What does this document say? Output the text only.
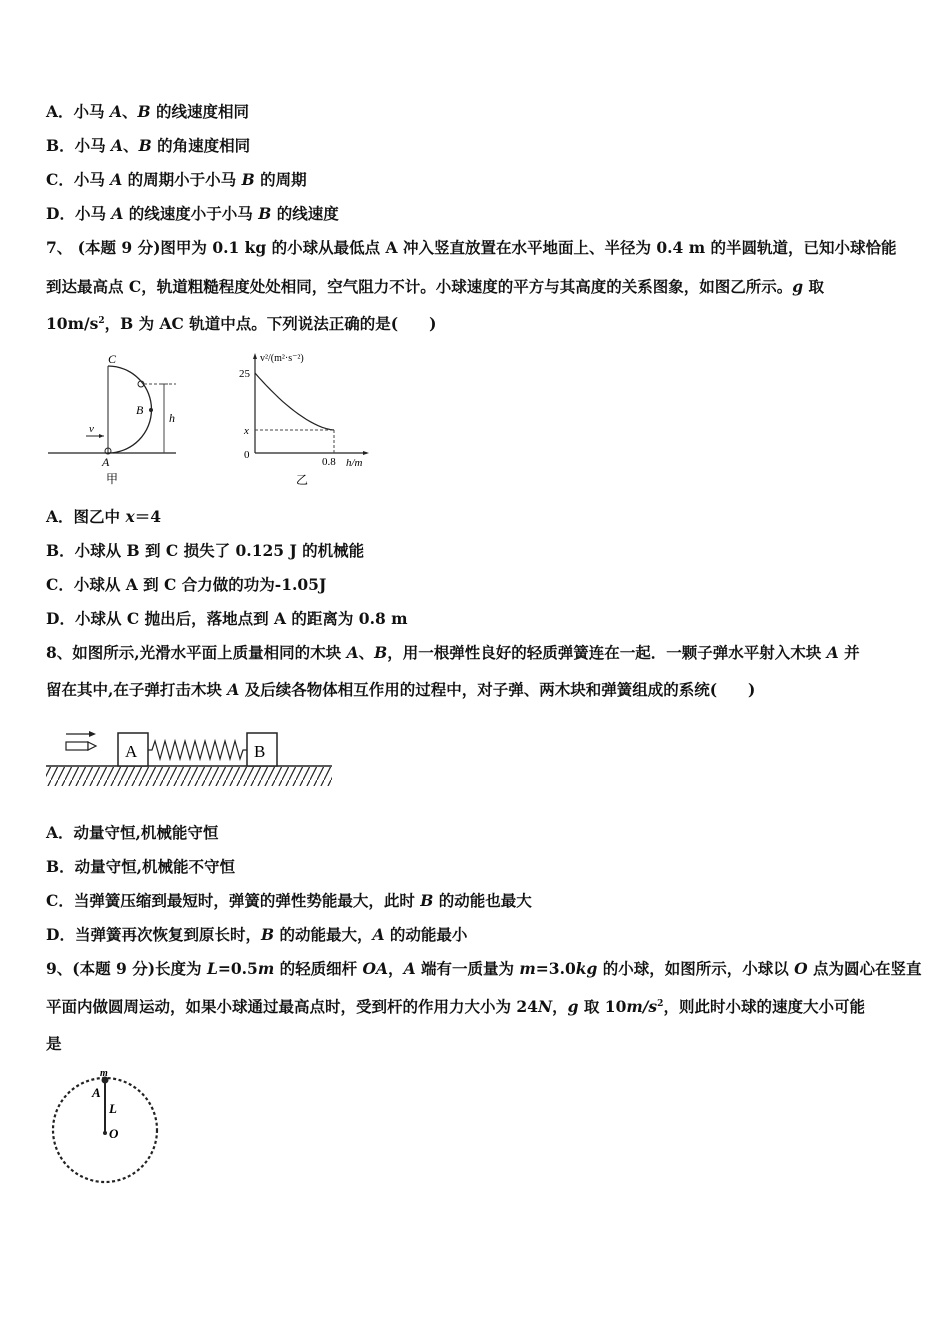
A．小马 A、B 的线速度相同
B．小马 A、B 的角速度相同
C．小马 A 的周期小于小马 B 的周期
D．小马 A 的线速度小于小马 B 的线速度
7、 (本题 9 分)图甲为 0.1 kg 的小球从最低点 A 冲入竖直放置在水平地面上、半径为 0.4 m 的半圆轨道，已知小球恰能
到达最高点 C，轨道粗糙程度处处相同，空气阻力不计。小球速度的平方与其高度的关系图象，如图乙所示。g 取
$10m/s^2$，B 为 AC 轨道中点。下列说法正确的是(　　)
C
B
A
h
v
甲
v²/(m²·s⁻²)
25
x
0
0.8 h/m
乙
A．图乙中 x＝4
B．小球从 B 到 C 损失了 0.125 J 的机械能
C．小球从 A 到 C 合力做的功为-1.05J
D．小球从 C 抛出后，落地点到 A 的距离为 0.8 m
8、如图所示,光滑水平面上质量相同的木块 A、B，用一根弹性良好的轻质弹簧连在一起．一颗子弹水平射入木块 A 并
留在其中,在子弹打击木块 A 及后续各物体相互作用的过程中，对子弹、两木块和弹簧组成的系统(　　)
A	B
A．动量守恒,机械能守恒
B．动量守恒,机械能不守恒
C．当弹簧压缩到最短时，弹簧的弹性势能最大，此时 B 的动能也最大
D．当弹簧再次恢复到原长时，B 的动能最大，A 的动能最小
9、(本题 9 分)长度为 L=0.5m 的轻质细杆 OA，A 端有一质量为 m=3.0kg 的小球，如图所示，小球以 O 点为圆心在竖直
平面内做圆周运动，如果小球通过最高点时，受到杆的作用力大小为 24N，g 取 $10m/s^2$，则此时小球的速度大小可能
是
m
A
L
O
